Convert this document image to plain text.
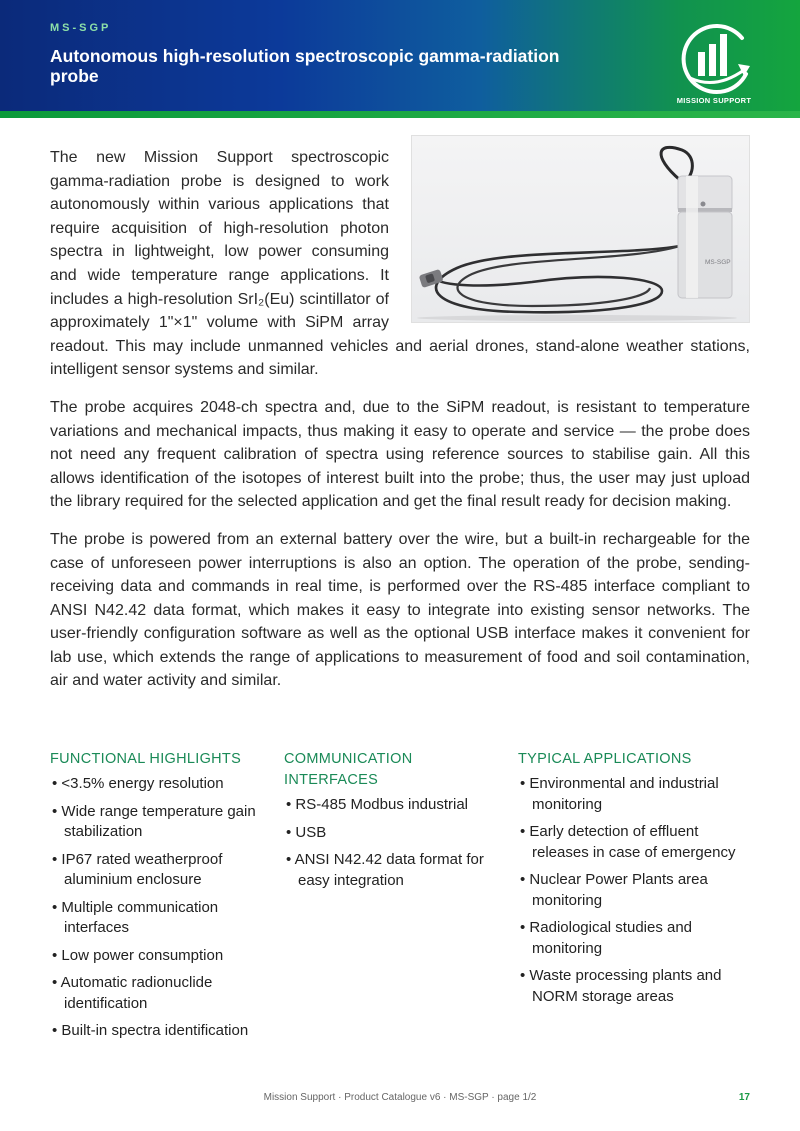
MS-SGP
Autonomous high-resolution spectroscopic gamma-radiation probe
MISSION SUPPORT
MS-SGP

The new Mission Support spectroscopic gamma-radiation probe is designed to work autonomously within various applications that require acquisition of high-resolution photon spectra in lightweight, low power consuming and wide temperature range applications. It includes a high-resolution SrI₂(Eu) scintillator of approximately 1"×1" volume with SiPM array readout. This may include unmanned vehicles and aerial drones, stand-alone weather stations, intelligent sensor systems and similar.

The probe acquires 2048-ch spectra and, due to the SiPM readout, is resistant to temperature variations and mechanical impacts, thus making it easy to operate and service — the probe does not need any frequent calibration of spectra using reference sources to stabilise gain. All this allows identification of the isotopes of interest built into the probe; thus, the user may just upload the library required for the selected application and get the final result ready for decision making.

The probe is powered from an external battery over the wire, but a built-in rechargeable for the case of unforeseen power interruptions is also an option. The operation of the probe, sending-receiving data and commands in real time, is performed over the RS-485 interface compliant to ANSI N42.42 data format, which makes it easy to integrate into existing sensor networks. The user-friendly configuration software as well as the optional USB interface makes it convenient for lab use, which extends the range of applications to measurement of food and soil contamination, air and water activity and similar.

FUNCTIONAL HIGHLIGHTS
• <3.5% energy resolution
• Wide range temperature gain stabilization
• IP67 rated weatherproof aluminium enclosure
• Multiple communication interfaces
• Low power consumption
• Automatic radionuclide identification
• Built-in spectra identification
COMMUNICATION INTERFACES
• RS-485 Modbus industrial
• USB
• ANSI N42.42 data format for easy integration
TYPICAL APPLICATIONS
• Environmental and industrial monitoring
• Early detection of effluent releases in case of emergency
• Nuclear Power Plants area monitoring
• Radiological studies and monitoring
• Waste processing plants and NORM storage areas
Mission Support · Product Catalogue v6 · MS-SGP · page 1/2	17
